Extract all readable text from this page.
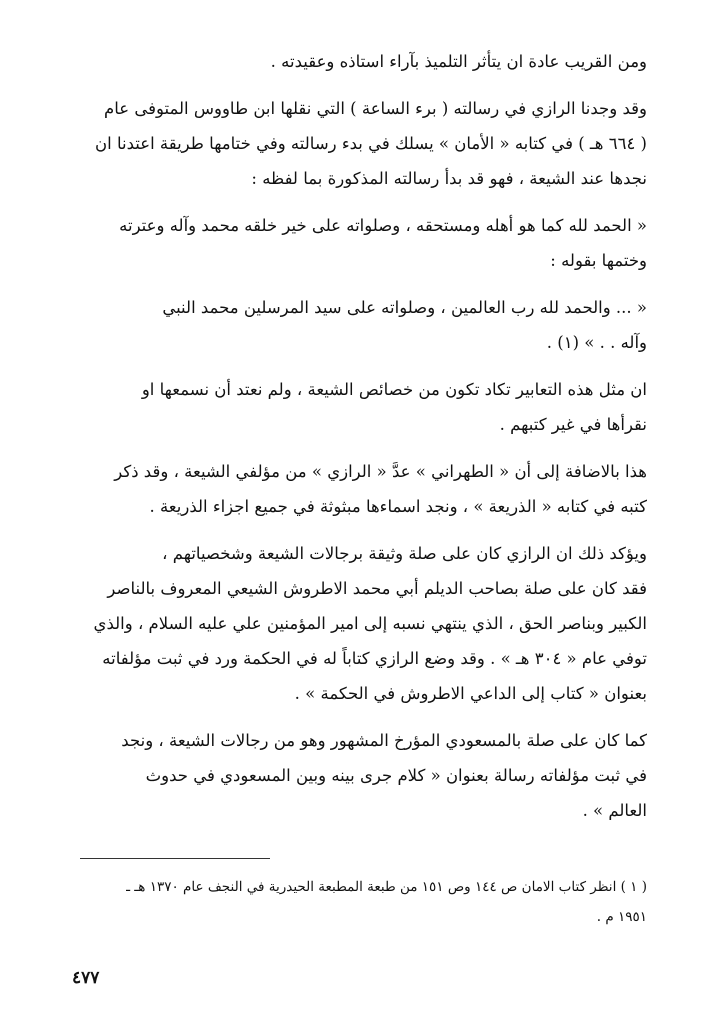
ومن القريب عادة ان يتأثر التلميذ بآراء استاذه وعقيدته .

وقد وجدنا الرازي في رسالته ( برء الساعة ) التي نقلها ابن طاووس المتوفى عام
( ٦٦٤ هـ ) في كتابه « الأمان » يسلك في بدء رسالته وفي ختامها طريقة اعتدنا ان
نجدها عند الشيعة ، فهو قد بدأ رسالته المذكورة بما لفظه :

« الحمد لله كما هو أهله ومستحقه ، وصلواته على خير خلقه محمد وآله وعترته
وختمها بقوله :

« ... والحمد لله رب العالمين ، وصلواته على سيد المرسلين محمد النبي
وآله . . » (١) .

ان مثل هذه التعابير تكاد تكون من خصائص الشيعة ، ولم نعتد أن نسمعها او
نقرأها في غير كتبهم .

هذا بالاضافة إلى أن « الطهراني » عدَّ « الرازي » من مؤلفي الشيعة ، وقد ذكر
كتبه في كتابه « الذريعة » ، ونجد اسماءها مبثوثة في جميع اجزاء الذريعة .

ويؤكد ذلك ان الرازي كان على صلة وثيقة برجالات الشيعة وشخصياتهم ،
فقد كان على صلة بصاحب الديلم أبي محمد الاطروش الشيعي المعروف بالناصر
الكبير وبناصر الحق ، الذي ينتهي نسبه إلى امير المؤمنين علي عليه السلام ، والذي
توفي عام « ٣٠٤ هـ » . وقد وضع الرازي كتاباً له في الحكمة ورد في ثبت مؤلفاته
بعنوان « كتاب إلى الداعي الاطروش في الحكمة » .

كما كان على صلة بالمسعودي المؤرخ المشهور وهو من رجالات الشيعة ، ونجد
في ثبت مؤلفاته رسالة بعنوان « كلام جرى بينه وبين المسعودي في حدوث
العالم » .

( ١ ) انظر كتاب الامان ص ١٤٤ وص ١٥١ من طبعة المطبعة الحيدرية في النجف عام ١٣٧٠ هـ ـ
١٩٥١ م .
٤٧٧
